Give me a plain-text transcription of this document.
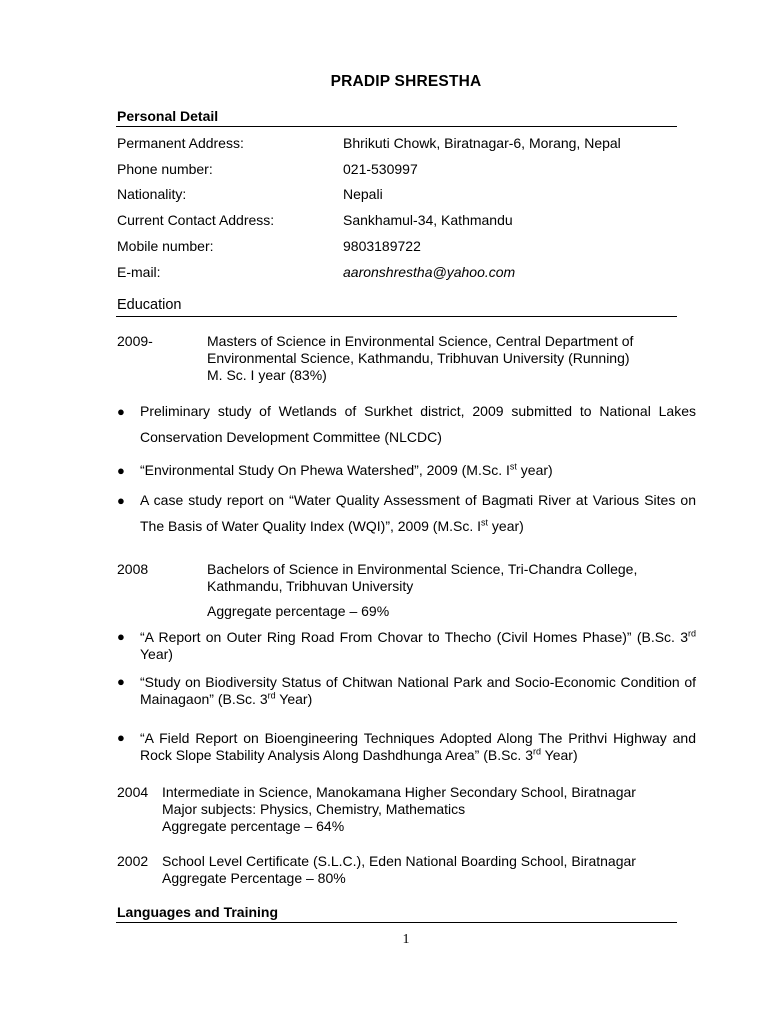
PRADIP SHRESTHA
Personal Detail
Permanent Address:	Bhrikuti Chowk, Biratnagar-6, Morang, Nepal
Phone number:	021-530997
Nationality:	Nepali
Current Contact Address:	Sankhamul-34, Kathmandu
Mobile number:	9803189722
E-mail:	aaronshrestha@yahoo.com
Education
2009-	Masters of Science in Environmental Science, Central Department of
Environmental Science, Kathmandu, Tribhuvan University (Running)
M. Sc. I year (83%)
● Preliminary study of Wetlands of Surkhet district, 2009 submitted to National Lakes Conservation Development Committee (NLCDC)
● “Environmental Study On Phewa Watershed”, 2009 (M.Sc. Ist year)
● A case study report on “Water Quality Assessment of Bagmati River at Various Sites on The Basis of Water Quality Index (WQI)”, 2009 (M.Sc. Ist year)
2008	Bachelors of Science in Environmental Science, Tri-Chandra College,
Kathmandu, Tribhuvan University
Aggregate percentage – 69%
● “A Report on Outer Ring Road From Chovar to Thecho (Civil Homes Phase)” (B.Sc. 3rd Year)
● “Study on Biodiversity Status of Chitwan National Park and Socio-Economic Condition of Mainagaon” (B.Sc. 3rd Year)
● “A Field Report on Bioengineering Techniques Adopted Along The Prithvi Highway and Rock Slope Stability Analysis Along Dashdhunga Area” (B.Sc. 3rd Year)
2004 Intermediate in Science, Manokamana Higher Secondary School, Biratnagar
Major subjects: Physics, Chemistry, Mathematics
Aggregate percentage – 64%
2002 School Level Certificate (S.L.C.), Eden National Boarding School, Biratnagar
Aggregate Percentage – 80%
Languages and Training
1
